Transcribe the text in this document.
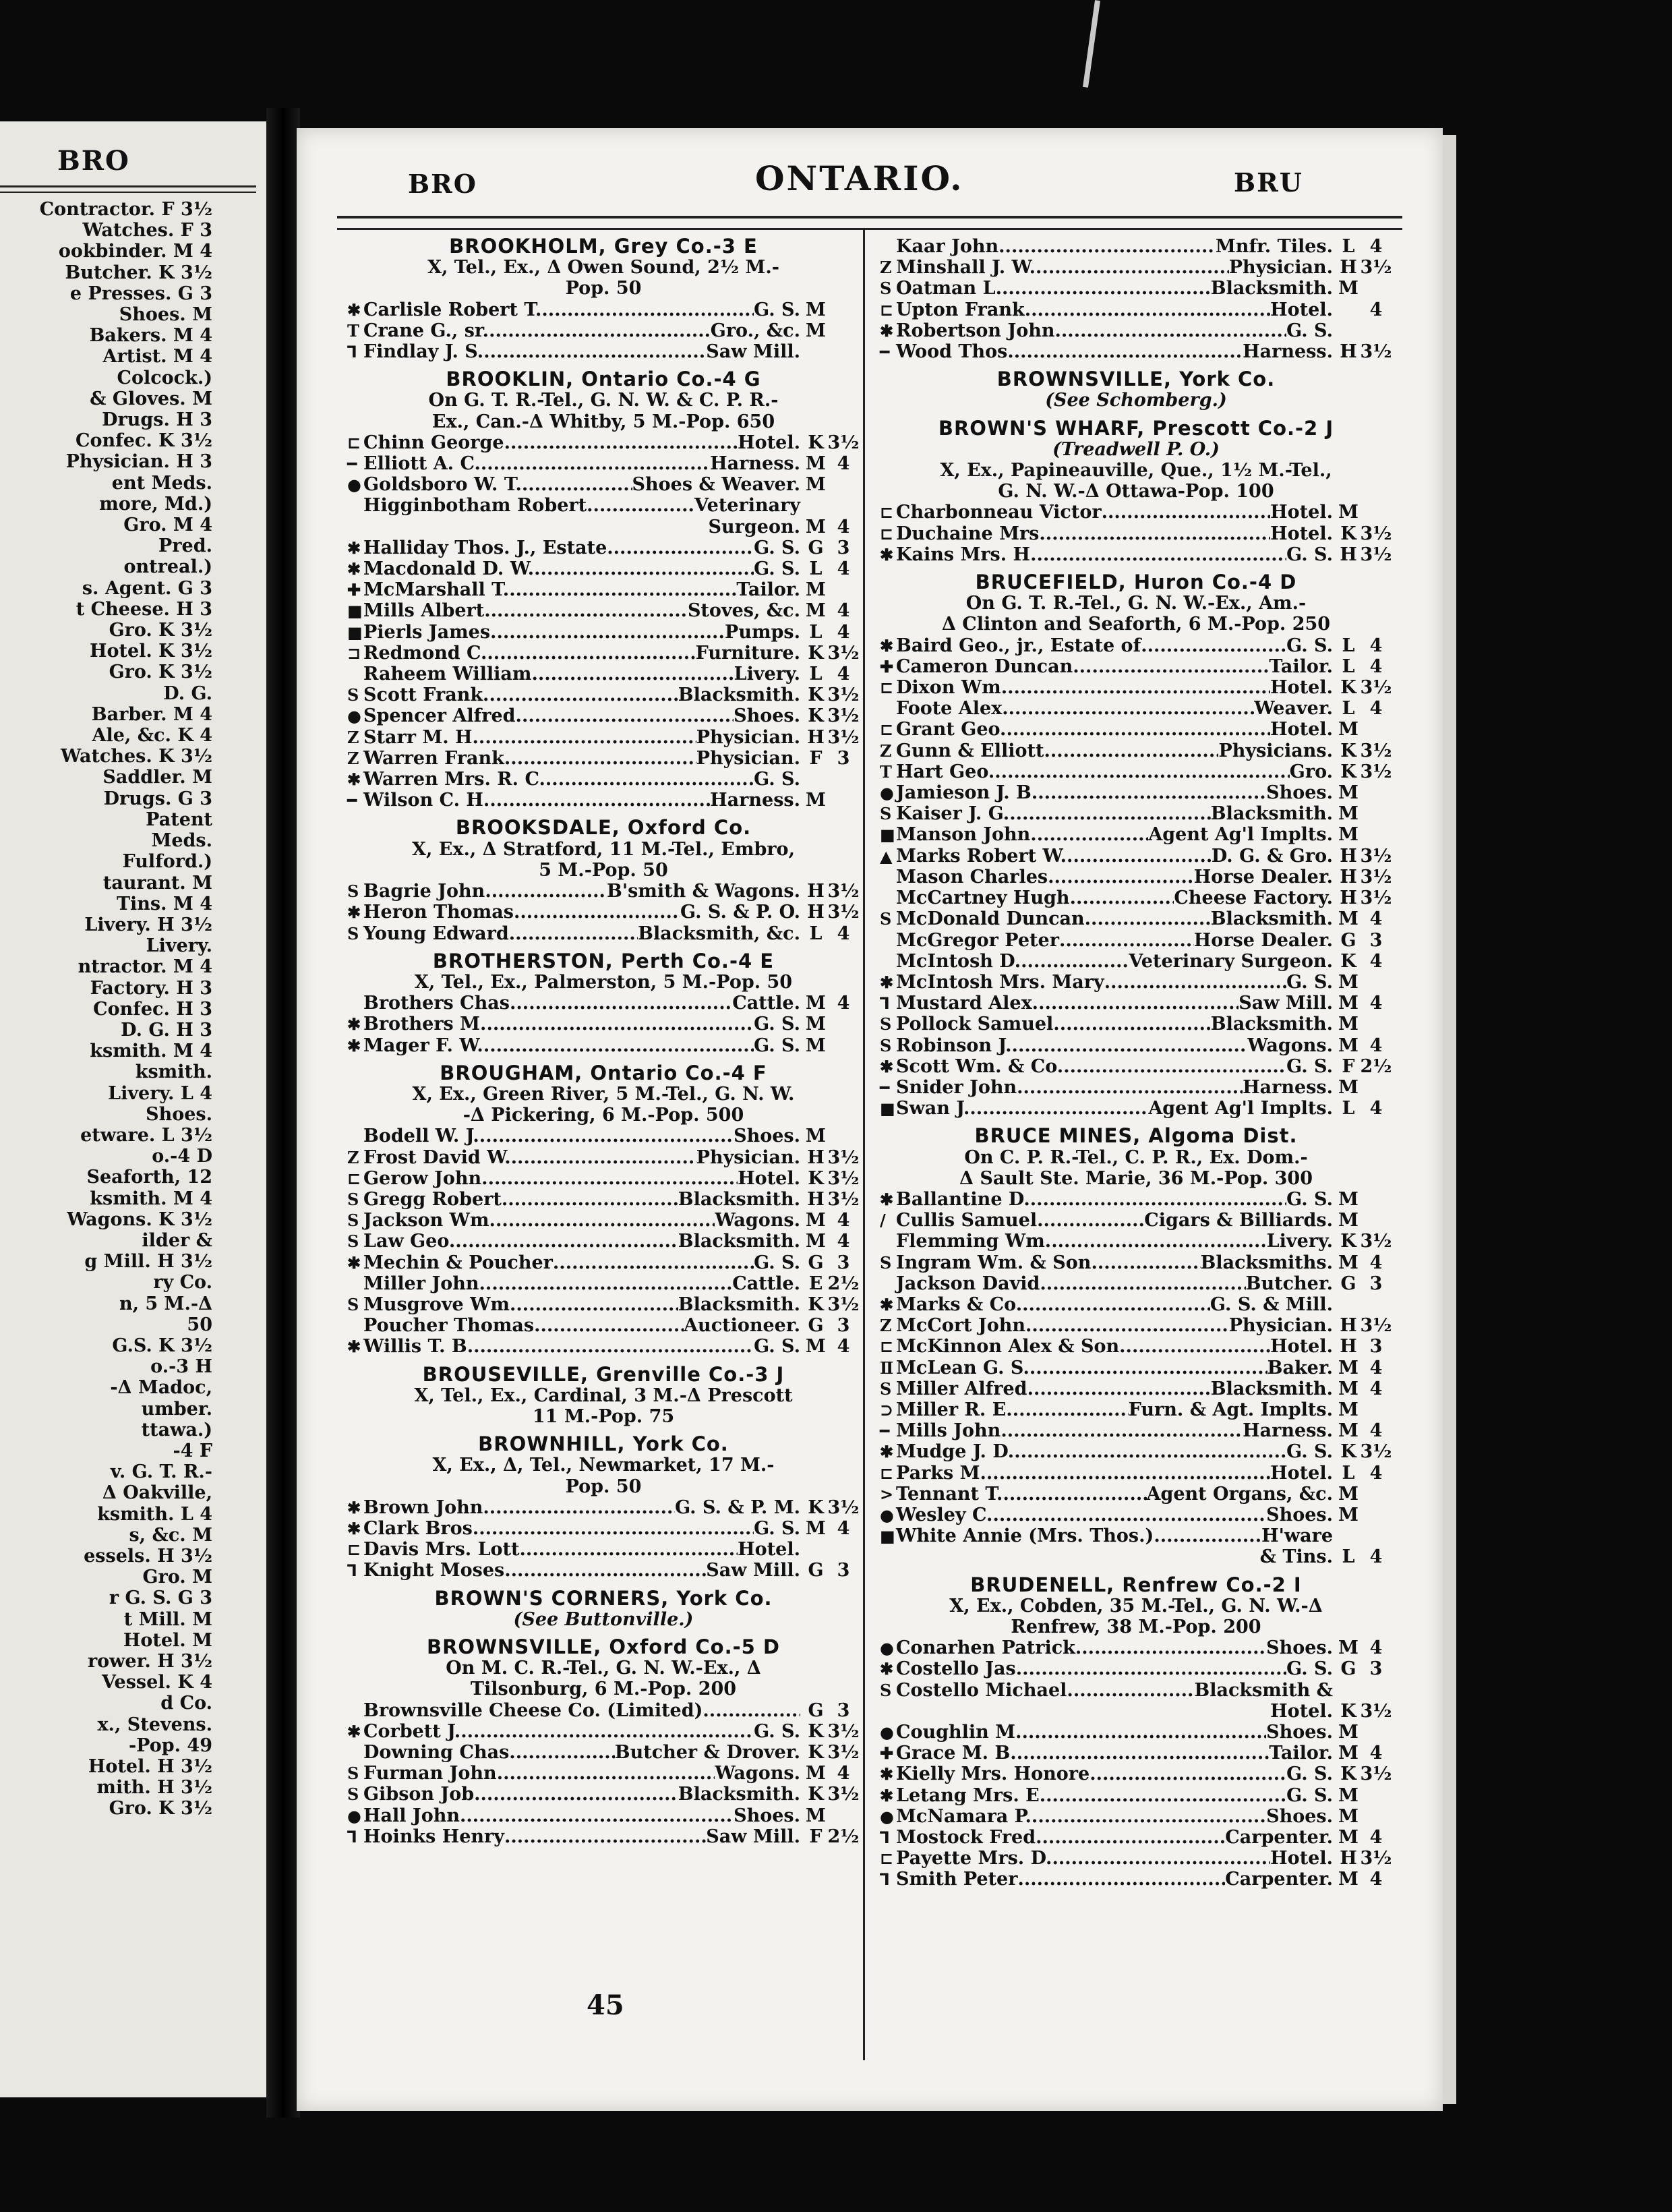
BRO
Contractor. F 3½
Watches. F 3
ookbinder. M 4
Butcher. K 3½
e Presses. G 3
Shoes. M
Bakers. M 4
Artist. M 4
Colcock.)
& Gloves. M
Drugs. H 3
Confec. K 3½
Physician. H 3
ent Meds.
more, Md.)
Gro. M 4
Pred.
ontreal.)
s. Agent. G 3
t Cheese. H 3
Gro. K 3½
Hotel. K 3½
Gro. K 3½
D. G.
Barber. M 4
Ale, &c. K 4
Watches. K 3½
Saddler. M
Drugs. G 3
Patent
Meds.
Fulford.)
taurant. M
Tins. M 4
Livery. H 3½
Livery.
ntractor. M 4
Factory. H 3
Confec. H 3
D. G. H 3
ksmith. M 4
ksmith.
Livery. L 4
Shoes.
etware. L 3½
o.-4 D
Seaforth, 12
ksmith. M 4
Wagons. K 3½
ilder &
g Mill. H 3½
ry Co.
n, 5 M.-Δ
50
G.S. K 3½
o.-3 H
-Δ Madoc,
umber.
ttawa.)
-4 F
v. G. T. R.-
Δ Oakville,
ksmith. L 4
s, &c. M
essels. H 3½
Gro. M
r G. S. G 3
t Mill. M
Hotel. M
rower. H 3½
Vessel. K 4
d Co.
x., Stevens.
-Pop. 49
Hotel. H 3½
mith. H 3½
Gro. K 3½
BRO	ONTARIO.	BRU
BROOKHOLM, Grey Co.-3 E
X, Tel., Ex., Δ Owen Sound, 2½ M.-
Pop. 50
✱ Carlisle Robert T. .....	G. S. M
T Crane G., sr. .....	Gro., &c. M
⅂ Findlay J. S. .....	Saw Mill.
BROOKLIN, Ontario Co.-4 G
On G. T. R.-Tel., G. N. W. & C. P. R.-
Ex., Can.-Δ Whitby, 5 M.-Pop. 650
⊏ Chinn George .....	Hotel. K 3½
━ Elliott A. C. .....	Harness. M 4
● Goldsboro W. T. .....	Shoes & Weaver. M
Higginbotham Robert .....	Veterinary
Surgeon. M 4
✱ Halliday Thos. J., Estate .....	G. S. G 3
✱ Macdonald D. W. .....	G. S. L 4
✚ McMarshall T. .....	Tailor. M
■ Mills Albert .....	Stoves, &c. M 4
■ Pierls James .....	Pumps. L 4
⊐ Redmond C. .....	Furniture. K 3½
Raheem William .....	Livery. L 4
S Scott Frank .....	Blacksmith. K 3½
● Spencer Alfred .....	Shoes. K 3½
Z Starr M. H. .....	Physician. H 3½
Z Warren Frank .....	Physician. F 3
✱ Warren Mrs. R. C. .....	G. S.
━ Wilson C. H. .....	Harness. M
BROOKSDALE, Oxford Co.
X, Ex., Δ Stratford, 11 M.-Tel., Embro,
5 M.-Pop. 50
S Bagrie John .....	B'smith & Wagons. H 3½
✱ Heron Thomas .....	G. S. & P. O. H 3½
S Young Edward .....	Blacksmith, &c. L 4
BROTHERSTON, Perth Co.-4 E
X, Tel., Ex., Palmerston, 5 M.-Pop. 50
Brothers Chas. .....	Cattle. M 4
✱ Brothers M. .....	G. S. M
✱ Mager F. W. .....	G. S. M
BROUGHAM, Ontario Co.-4 F
X, Ex., Green River, 5 M.-Tel., G. N. W.
-Δ Pickering, 6 M.-Pop. 500
Bodell W. J. .....	Shoes. M
Z Frost David W. .....	Physician. H 3½
⊏ Gerow John .....	Hotel. K 3½
S Gregg Robert .....	Blacksmith. H 3½
S Jackson Wm. .....	Wagons. M 4
S Law Geo. .....	Blacksmith. M 4
✱ Mechin & Poucher .....	G. S. G 3
Miller John .....	Cattle. E 2½
S Musgrove Wm. .....	Blacksmith. K 3½
Poucher Thomas .....	Auctioneer. G 3
✱ Willis T. B. .....	G. S. M 4
BROUSEVILLE, Grenville Co.-3 J
X, Tel., Ex., Cardinal, 3 M.-Δ Prescott
11 M.-Pop. 75
BROWNHILL, York Co.
X, Ex., Δ, Tel., Newmarket, 17 M.-
Pop. 50
✱ Brown John .....	G. S. & P. M. K 3½
✱ Clark Bros. .....	G. S. M 4
⊏ Davis Mrs. Lott .....	Hotel.
⅂ Knight Moses .....	Saw Mill. G 3
BROWN'S CORNERS, York Co.
(See Buttonville.)
BROWNSVILLE, Oxford Co.-5 D
On M. C. R.-Tel., G. N. W.-Ex., Δ
Tilsonburg, 6 M.-Pop. 200
Brownsville Cheese Co. (Limited) .....	G 3
✱ Corbett J. .....	G. S. K 3½
Downing Chas. .....	Butcher & Drover. K 3½
S Furman John .....	Wagons. M 4
S Gibson Job .....	Blacksmith. K 3½
● Hall John .....	Shoes. M
⅂ Hoinks Henry .....	Saw Mill. F 2½
Kaar John .....	Mnfr. Tiles. L 4
Z Minshall J. W. .....	Physician. H 3½
S Oatman L. .....	Blacksmith. M
⊏ Upton Frank .....	Hotel.	4
✱ Robertson John .....	G. S.
━ Wood Thos. .....	Harness. H 3½
BROWNSVILLE, York Co.
(See Schomberg.)
BROWN'S WHARF, Prescott Co.-2 J
(Treadwell P. O.)
X, Ex., Papineauville, Que., 1½ M.-Tel.,
G. N. W.-Δ Ottawa-Pop. 100
⊏ Charbonneau Victor .....	Hotel. M
⊏ Duchaine Mrs. .....	Hotel. K 3½
✱ Kains Mrs. H. .....	G. S. H 3½
BRUCEFIELD, Huron Co.-4 D
On G. T. R.-Tel., G. N. W.-Ex., Am.-
Δ Clinton and Seaforth, 6 M.-Pop. 250
✱ Baird Geo., jr., Estate of .....	G. S. L 4
✚ Cameron Duncan .....	Tailor. L 4
⊏ Dixon Wm. .....	Hotel. K 3½
Foote Alex. .....	Weaver. L 4
⊏ Grant Geo. .....	Hotel. M
Z Gunn & Elliott .....	Physicians. K 3½
T Hart Geo. .....	Gro. K 3½
● Jamieson J. B. .....	Shoes. M
S Kaiser J. G. .....	Blacksmith. M
■ Manson John .....	Agent Ag'l Implts. M
▲ Marks Robert W. .....	D. G. & Gro. H 3½
Mason Charles .....	Horse Dealer. H 3½
McCartney Hugh .....	Cheese Factory. H 3½
S McDonald Duncan .....	Blacksmith. M 4
McGregor Peter .....	Horse Dealer. G 3
McIntosh D. .....	Veterinary Surgeon. K 4
✱ McIntosh Mrs. Mary .....	G. S. M
⅂ Mustard Alex. .....	Saw Mill. M 4
S Pollock Samuel .....	Blacksmith. M
S Robinson J. .....	Wagons. M 4
✱ Scott Wm. & Co. .....	G. S. F 2½
━ Snider John .....	Harness. M
■ Swan J. .....	Agent Ag'l Implts. L 4
BRUCE MINES, Algoma Dist.
On C. P. R.-Tel., C. P. R., Ex. Dom.-
Δ Sault Ste. Marie, 36 M.-Pop. 300
✱ Ballantine D. .....	G. S. M
/ Cullis Samuel .....	Cigars & Billiards. M
Flemming Wm. .....	Livery. K 3½
S Ingram Wm. & Son .....	Blacksmiths. M 4
Jackson David .....	Butcher. G 3
✱ Marks & Co. .....	G. S. & Mill.
Z McCort John .....	Physician. H 3½
⊏ McKinnon Alex & Son .....	Hotel. H 3
Ⅱ McLean G. S. .....	Baker. M 4
S Miller Alfred .....	Blacksmith. M 4
⊃ Miller R. E. .....	Furn. & Agt. Implts. M
━ Mills John .....	Harness. M 4
✱ Mudge J. D. .....	G. S. K 3½
⊏ Parks M. .....	Hotel. L 4
> Tennant T. .....	Agent Organs, &c. M
● Wesley C. .....	Shoes. M
■ White Annie (Mrs. Thos.) .....	H'ware
& Tins. L 4
BRUDENELL, Renfrew Co.-2 I
X, Ex., Cobden, 35 M.-Tel., G. N. W.-Δ
Renfrew, 38 M.-Pop. 200
● Conarhen Patrick .....	Shoes. M 4
✱ Costello Jas. .....	G. S. G 3
S Costello Michael .....	Blacksmith &
Hotel. K 3½
● Coughlin M. .....	Shoes. M
✚ Grace M. B. .....	Tailor. M 4
✱ Kielly Mrs. Honore .....	G. S. K 3½
✱ Letang Mrs. E. .....	G. S. M
● McNamara P. .....	Shoes. M
⅂ Mostock Fred. .....	Carpenter. M 4
⊏ Payette Mrs. D. .....	Hotel. H 3½
⅂ Smith Peter .....	Carpenter. M 4
45
